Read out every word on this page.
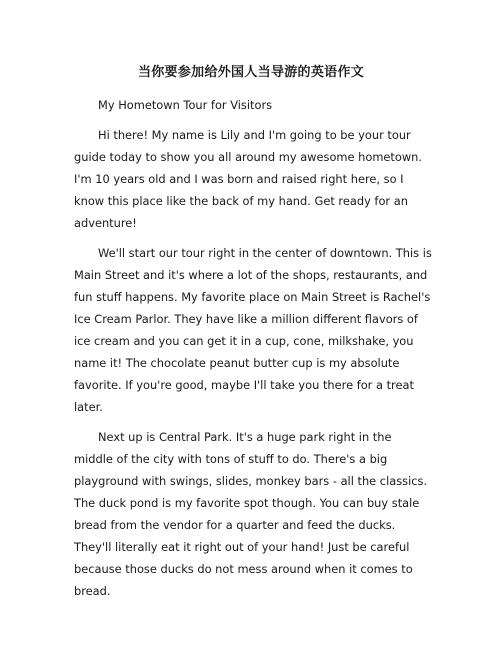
当你要参加给外国人当导游的英语作文

My Hometown Tour for Visitors

Hi there! My name is Lily and I'm going to be your tour guide today to show you all around my awesome hometown. I'm 10 years old and I was born and raised right here, so I know this place like the back of my hand. Get ready for an adventure!

We'll start our tour right in the center of downtown. This is Main Street and it's where a lot of the shops, restaurants, and fun stuff happens. My favorite place on Main Street is Rachel's Ice Cream Parlor. They have like a million different flavors of ice cream and you can get it in a cup, cone, milkshake, you name it! The chocolate peanut butter cup is my absolute favorite. If you're good, maybe I'll take you there for a treat later.

Next up is Central Park. It's a huge park right in the middle of the city with tons of stuff to do. There's a big playground with swings, slides, monkey bars - all the classics. The duck pond is my favorite spot though. You can buy stale bread from the vendor for a quarter and feed the ducks. They'll literally eat it right out of your hand! Just be careful because those ducks do not mess around when it comes to bread.
